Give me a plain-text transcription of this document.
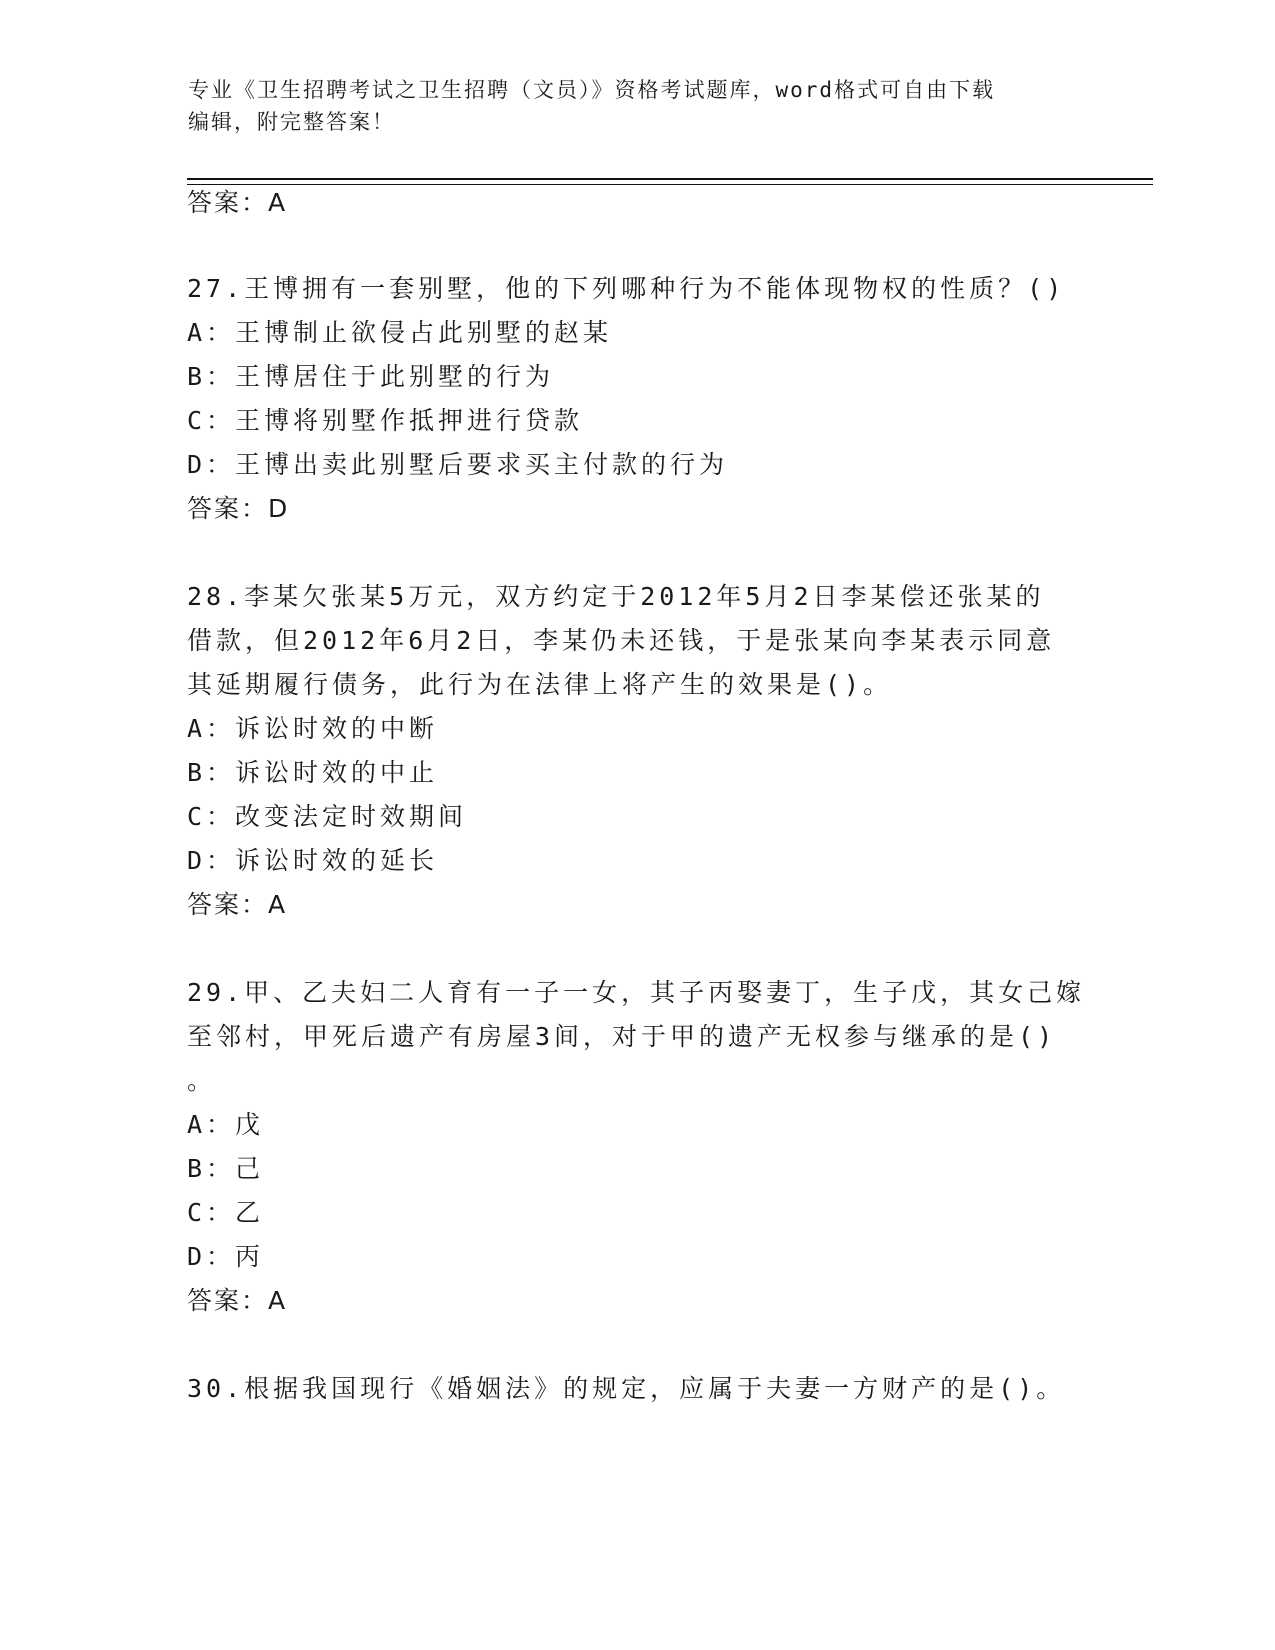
专业《卫生招聘考试之卫生招聘（文员）》资格考试题库，word格式可自由下载
编辑，附完整答案！
答案：A
27.王博拥有一套别墅，他的下列哪种行为不能体现物权的性质？()
A：王博制止欲侵占此别墅的赵某
B：王博居住于此别墅的行为
C：王博将别墅作抵押进行贷款
D：王博出卖此别墅后要求买主付款的行为
答案：D
28.李某欠张某5万元，双方约定于2012年5月2日李某偿还张某的
借款，但2012年6月2日，李某仍未还钱，于是张某向李某表示同意
其延期履行债务，此行为在法律上将产生的效果是()。
A：诉讼时效的中断
B：诉讼时效的中止
C：改变法定时效期间
D：诉讼时效的延长
答案：A
29.甲、乙夫妇二人育有一子一女，其子丙娶妻丁，生子戊，其女己嫁
至邻村，甲死后遗产有房屋3间，对于甲的遗产无权参与继承的是()
。
A：戊
B：己
C：乙
D：丙
答案：A
30.根据我国现行《婚姻法》的规定，应属于夫妻一方财产的是()。
